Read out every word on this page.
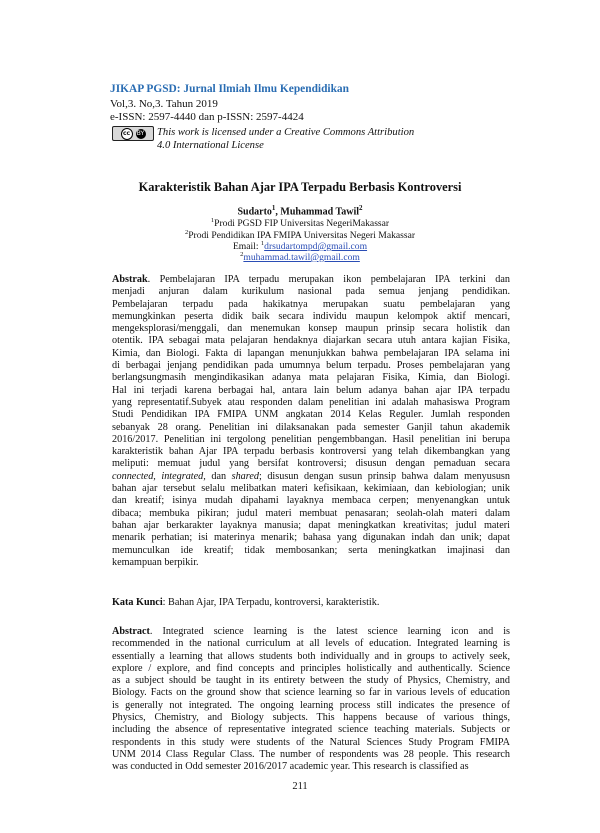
JIKAP PGSD: Jurnal Ilmiah Ilmu Kependidikan
Vol,3. No,3. Tahun 2019
e-ISSN: 2597-4440 dan p-ISSN: 2597-4424
cc	BY This work is licensed under a Creative Commons Attribution
4.0 International License
Karakteristik Bahan Ajar IPA Terpadu Berbasis Kontroversi
Sudarto$^1$, Muhammad Tawil$^2$
$^1$Prodi PGSD FIP Universitas NegeriMakassar
$^2$Prodi Pendidikan IPA FMIPA Universitas Negeri Makassar
Email: $^1$drsudartompd@gmail.com
$^2$muhammad.tawil@gmail.com
Abstrak. Pembelajaran IPA terpadu merupakan ikon pembelajaran IPA terkini dan
menjadi anjuran dalam kurikulum nasional pada semua jenjang pendidikan.
Pembelajaran terpadu pada hakikatnya merupakan suatu pembelajaran yang
memungkinkan peserta didik baik secara individu maupun kelompok aktif mencari,
mengeksplorasi/menggali, dan menemukan konsep maupun prinsip secara holistik dan
otentik. IPA sebagai mata pelajaran hendaknya diajarkan secara utuh antara kajian Fisika,
Kimia, dan Biologi. Fakta di lapangan menunjukkan bahwa pembelajaran IPA selama ini
di berbagai jenjang pendidikan pada umumnya belum terpadu. Proses pembelajaran yang
berlangsungmasih mengindikasikan adanya mata pelajaran Fisika, Kimia, dan Biologi.
Hal ini terjadi karena berbagai hal, antara lain belum adanya bahan ajar IPA terpadu
yang representatif.Subyek atau responden dalam penelitian ini adalah mahasiswa Program
Studi Pendidikan IPA FMIPA UNM angkatan 2014 Kelas Reguler. Jumlah responden
sebanyak 28 orang. Penelitian ini dilaksanakan pada semester Ganjil tahun akademik
2016/2017. Penelitian ini tergolong penelitian pengembbangan. Hasil penelitian ini berupa
karakteristik bahan Ajar IPA terpadu berbasis kontroversi yang telah dikembangkan yang
meliputi: memuat judul yang bersifat kontroversi; disusun dengan pemaduan secara
connected, integrated, dan shared; disusun dengan susun prinsip bahwa dalam menyususn
bahan ajar tersebut selalu melibatkan materi kefisikaan, kekimiaan, dan kebiologian; unik
dan kreatif; isinya mudah dipahami layaknya membaca cerpen; menyenangkan untuk
dibaca; membuka pikiran; judul materi membuat penasaran; seolah-olah materi dalam
bahan ajar berkarakter layaknya manusia; dapat meningkatkan kreativitas; judul materi
menarik perhatian; isi materinya menarik; bahasa yang digunakan indah dan unik; dapat
memunculkan ide kreatif; tidak membosankan; serta meningkatkan imajinasi dan
kemampuan berpikir.
Kata Kunci: Bahan Ajar, IPA Terpadu, kontroversi, karakteristik.
Abstract. Integrated science learning is the latest science learning icon and is
recommended in the national curriculum at all levels of education. Integrated learning is
essentially a learning that allows students both individually and in groups to actively seek,
explore / explore, and find concepts and principles holistically and authentically. Science
as a subject should be taught in its entirety between the study of Physics, Chemistry, and
Biology. Facts on the ground show that science learning so far in various levels of education
is generally not integrated. The ongoing learning process still indicates the presence of
Physics, Chemistry, and Biology subjects. This happens because of various things,
including the absence of representative integrated science teaching materials. Subjects or
respondents in this study were students of the Natural Sciences Study Program FMIPA
UNM 2014 Class Regular Class. The number of respondents was 28 people. This research
was conducted in Odd semester 2016/2017 academic year. This research is classified as
211
